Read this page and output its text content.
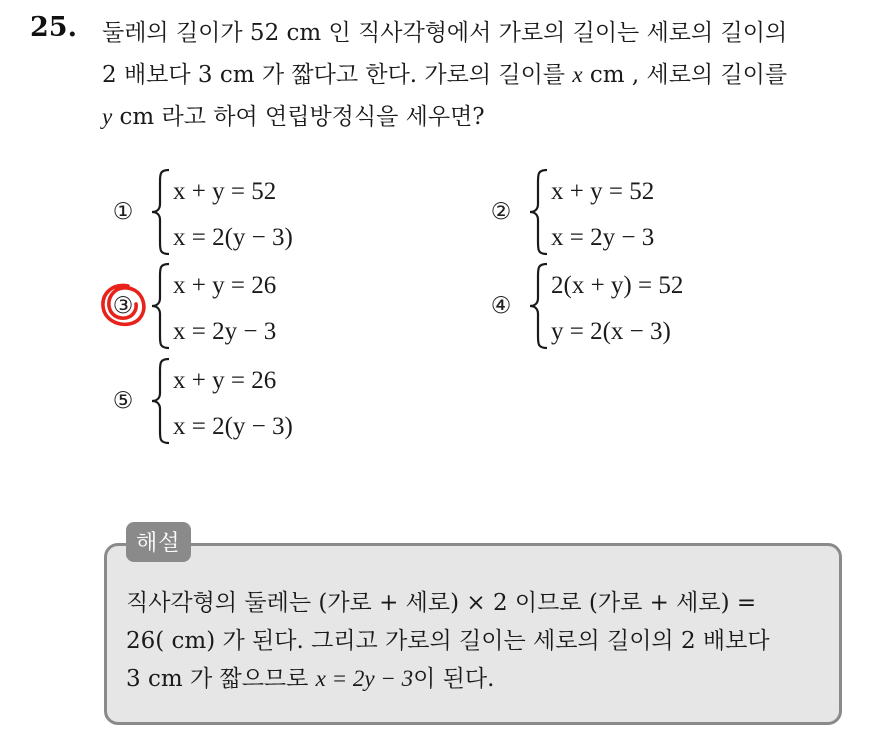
25. 둘레의 길이가 52 cm 인 직사각형에서 가로의 길이는 세로의 길이의
2 배보다 3 cm 가 짧다고 한다. 가로의 길이를 x cm , 세로의 길이를
y cm 라고 하여 연립방정식을 세우면?
①
x + y = 52
x = 2(y − 3)
②
x + y = 52
x = 2y − 3
③
x + y = 26
x = 2y − 3
④
2(x + y) = 52
y = 2(x − 3)
⑤
x + y = 26
x = 2(y − 3)
해설
직사각형의 둘레는 (가로 + 세로) × 2 이므로 (가로 + 세로) =
26( cm) 가 된다. 그리고 가로의 길이는 세로의 길이의 2 배보다
3 cm 가 짧으므로 x = 2y − 3이 된다.
